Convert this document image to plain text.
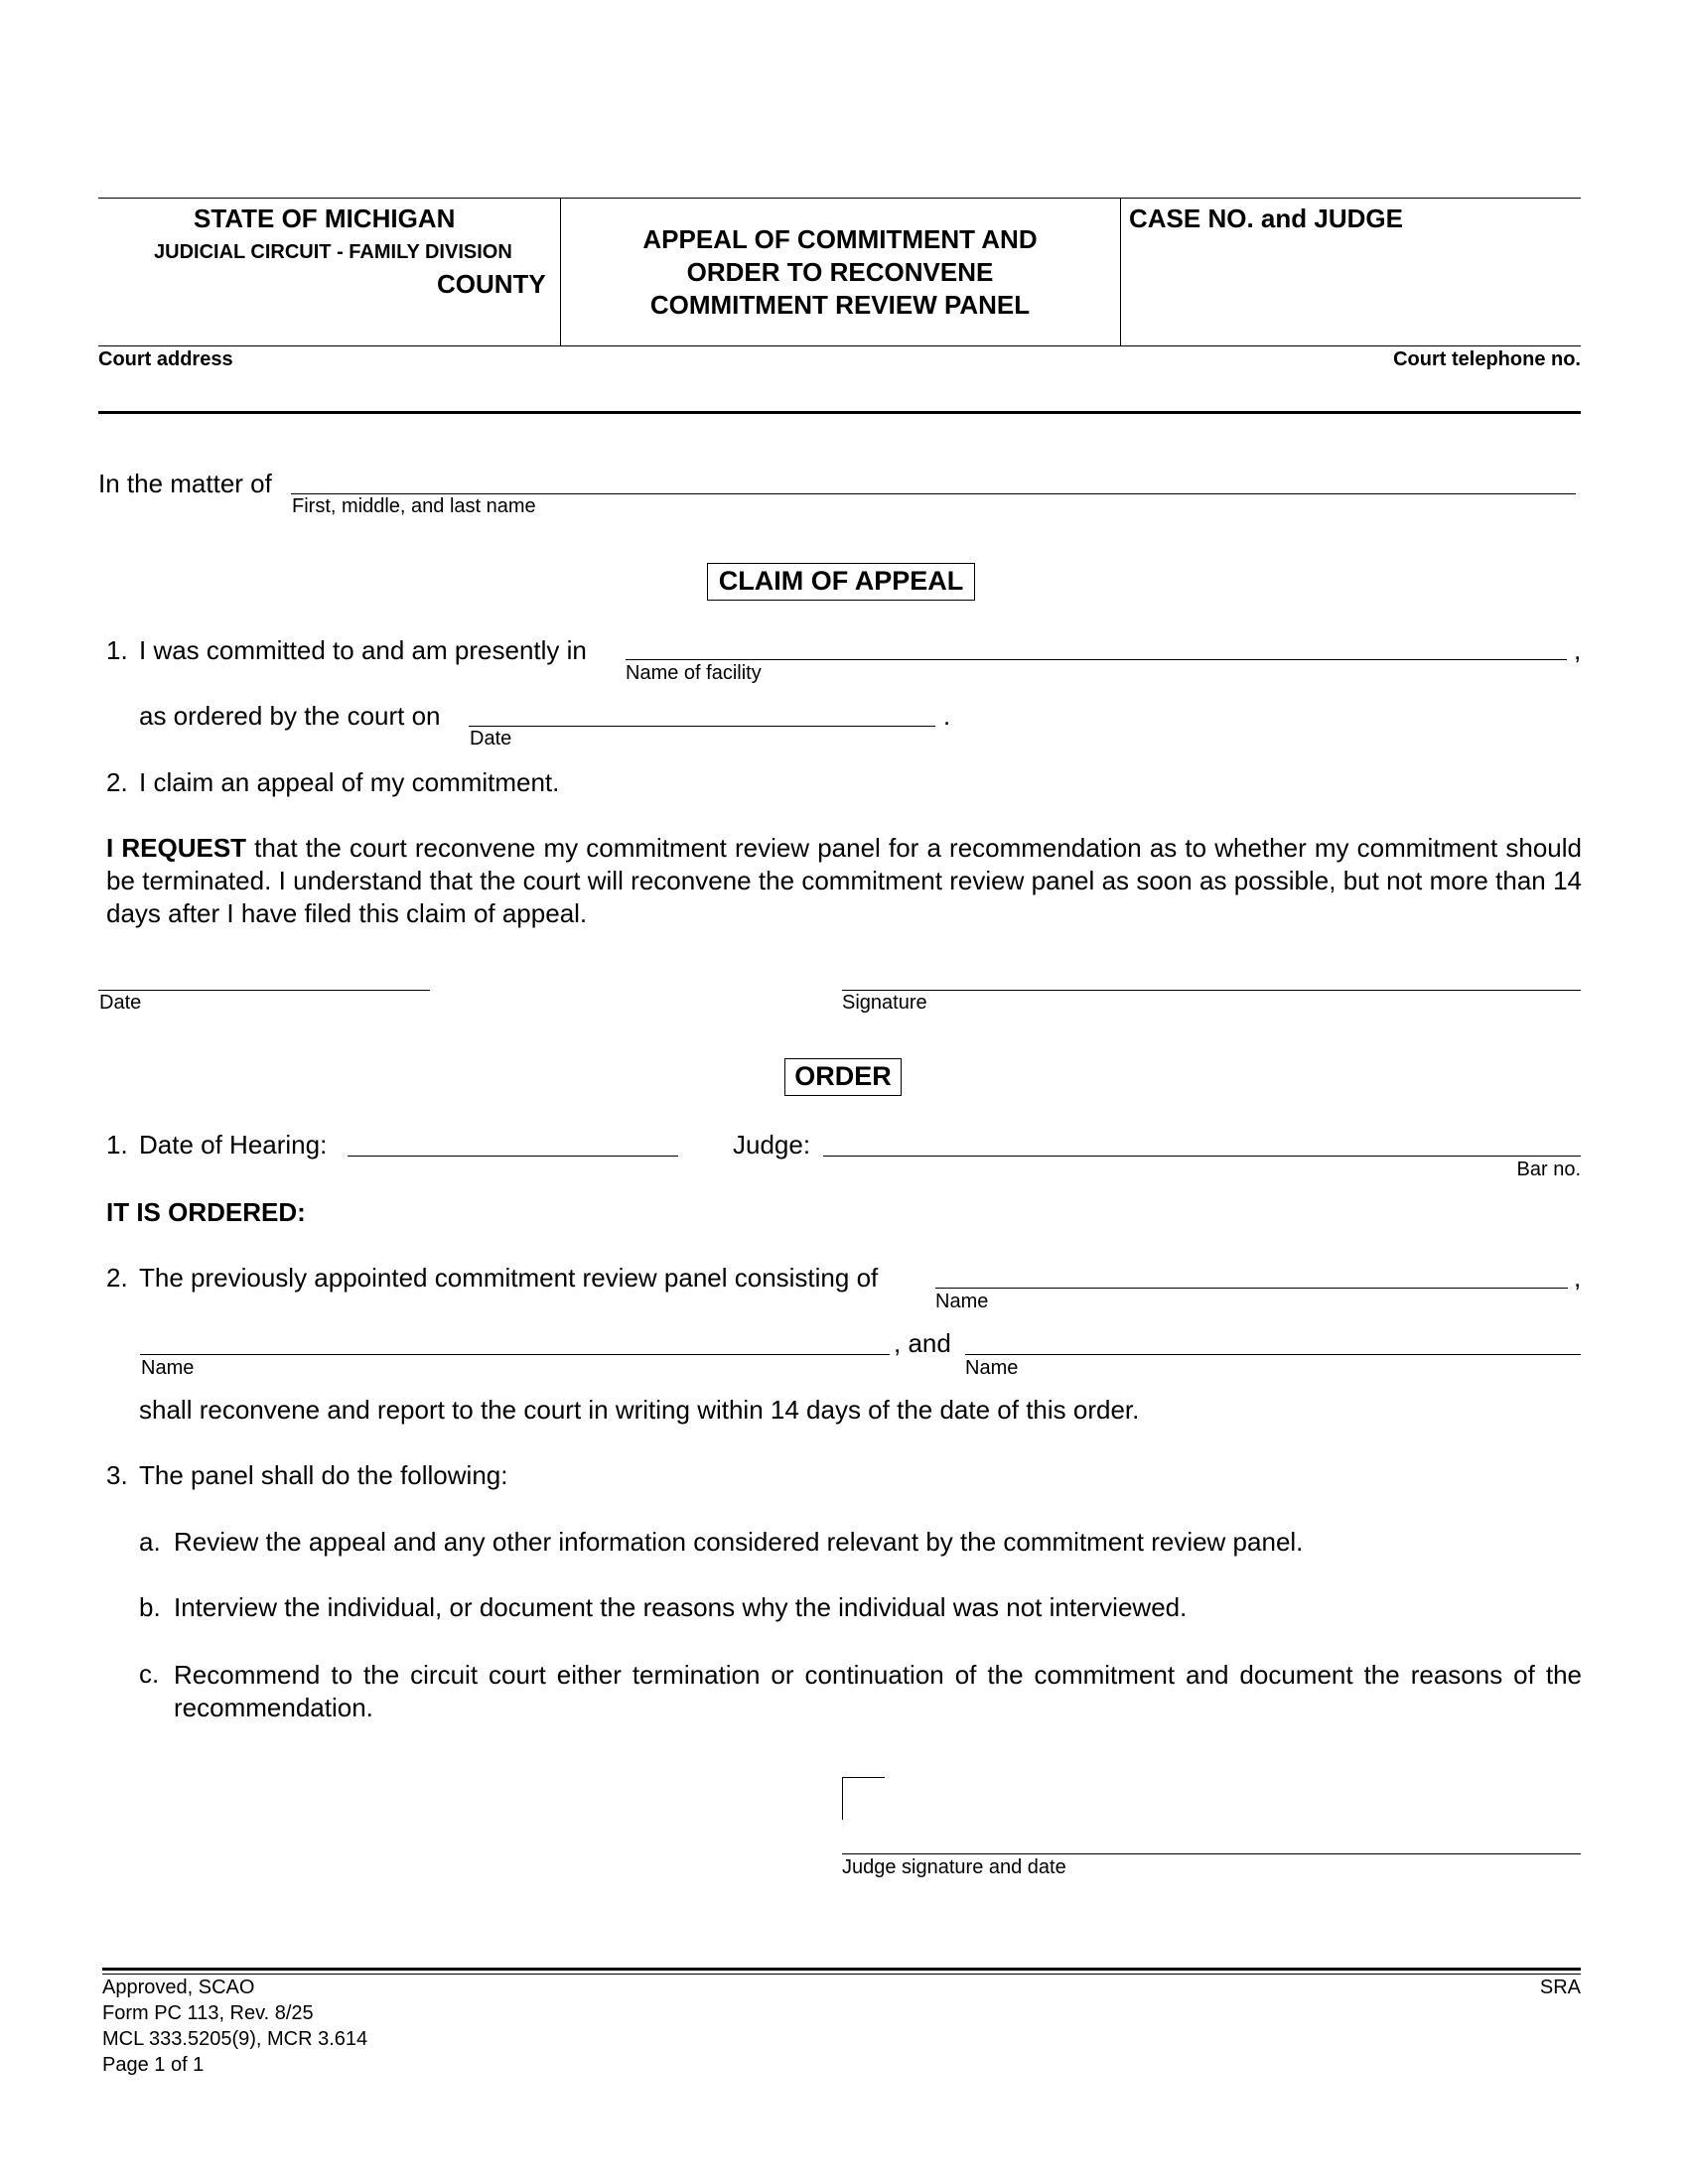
STATE OF MICHIGAN
JUDICIAL CIRCUIT - FAMILY DIVISION
COUNTY
APPEAL OF COMMITMENT AND
ORDER TO RECONVENE
COMMITMENT REVIEW PANEL
CASE NO. and JUDGE
Court address	Court telephone no.
In the matter of
First, middle, and last name
CLAIM OF APPEAL
1. I was committed to and am presently in
Name of facility
,
as ordered by the court on
Date
.
2. I claim an appeal of my commitment.
I REQUEST that the court reconvene my commitment review panel for a recommendation as to whether my commitment should be terminated. I understand that the court will reconvene the commitment review panel as soon as possible, but not more than 14 days after I have filed this claim of appeal.
Date	Signature
ORDER
1. Date of Hearing:	Judge:
Bar no.
IT IS ORDERED:
2. The previously appointed commitment review panel consisting of
Name
,
Name
, and
Name
shall reconvene and report to the court in writing within 14 days of the date of this order.
3. The panel shall do the following:
a. Review the appeal and any other information considered relevant by the commitment review panel.
b. Interview the individual, or document the reasons why the individual was not interviewed.
c. Recommend to the circuit court either termination or continuation of the commitment and document the reasons of the recommendation.
Judge signature and date
Approved, SCAO
Form PC 113, Rev. 8/25
MCL 333.5205(9), MCR 3.614
Page 1 of 1
SRA
